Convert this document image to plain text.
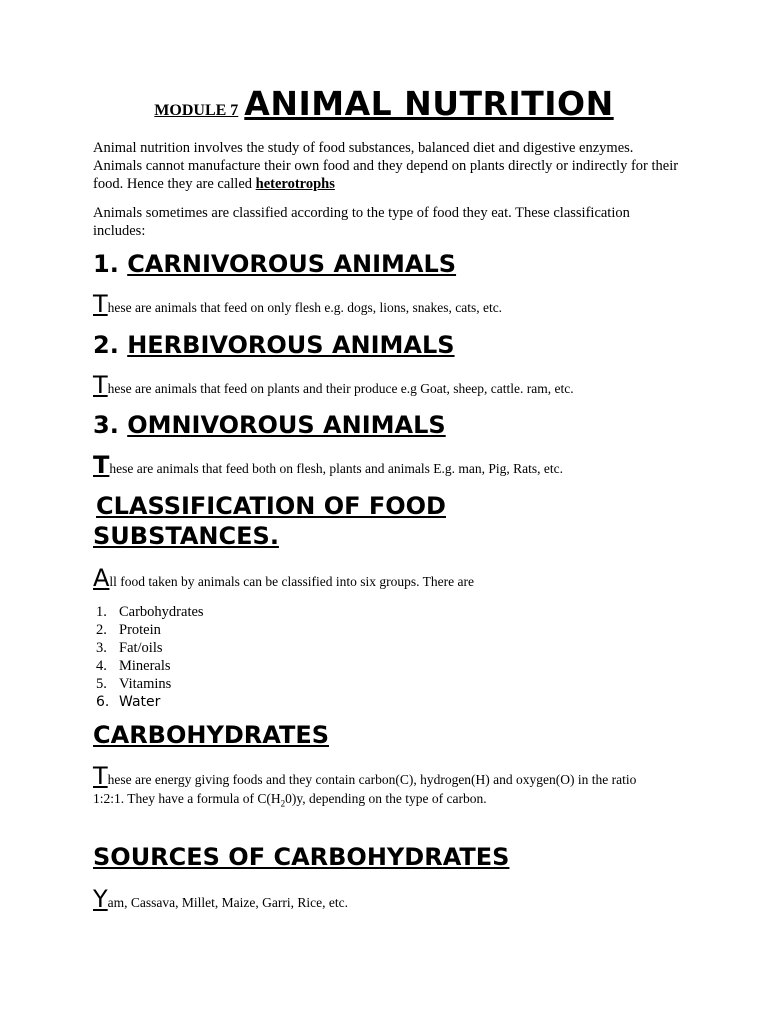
MODULE 7 ANIMAL NUTRITION
Animal nutrition involves the study of food substances, balanced diet and digestive enzymes. Animals cannot manufacture their own food and they depend on plants directly or indirectly for their food. Hence they are called heterotrophs
Animals sometimes are classified according to the type of food they eat. These classification includes:
1. CARNIVOROUS ANIMALS
These are animals that feed on only flesh e.g. dogs, lions, snakes, cats, etc.
2. HERBIVOROUS ANIMALS
These are animals that feed on plants and their produce e.g Goat, sheep, cattle. ram, etc.
3. OMNIVOROUS ANIMALS
These are animals that feed both on flesh, plants and animals E.g. man, Pig, Rats, etc.
CLASSIFICATION OF FOOD
SUBSTANCES.
All food taken by animals can be classified into six groups. There are
1. Carbohydrates
2. Protein
3. Fat/oils
4. Minerals
5. Vitamins
6. Water
CARBOHYDRATES
These are energy giving foods and they contain carbon(C), hydrogen(H) and oxygen(O) in the ratio
1:2:1. They have a formula of $C(H_20)y$, depending on the type of carbon.
SOURCES OF CARBOHYDRATES
Yam, Cassava, Millet, Maize, Garri, Rice, etc.
